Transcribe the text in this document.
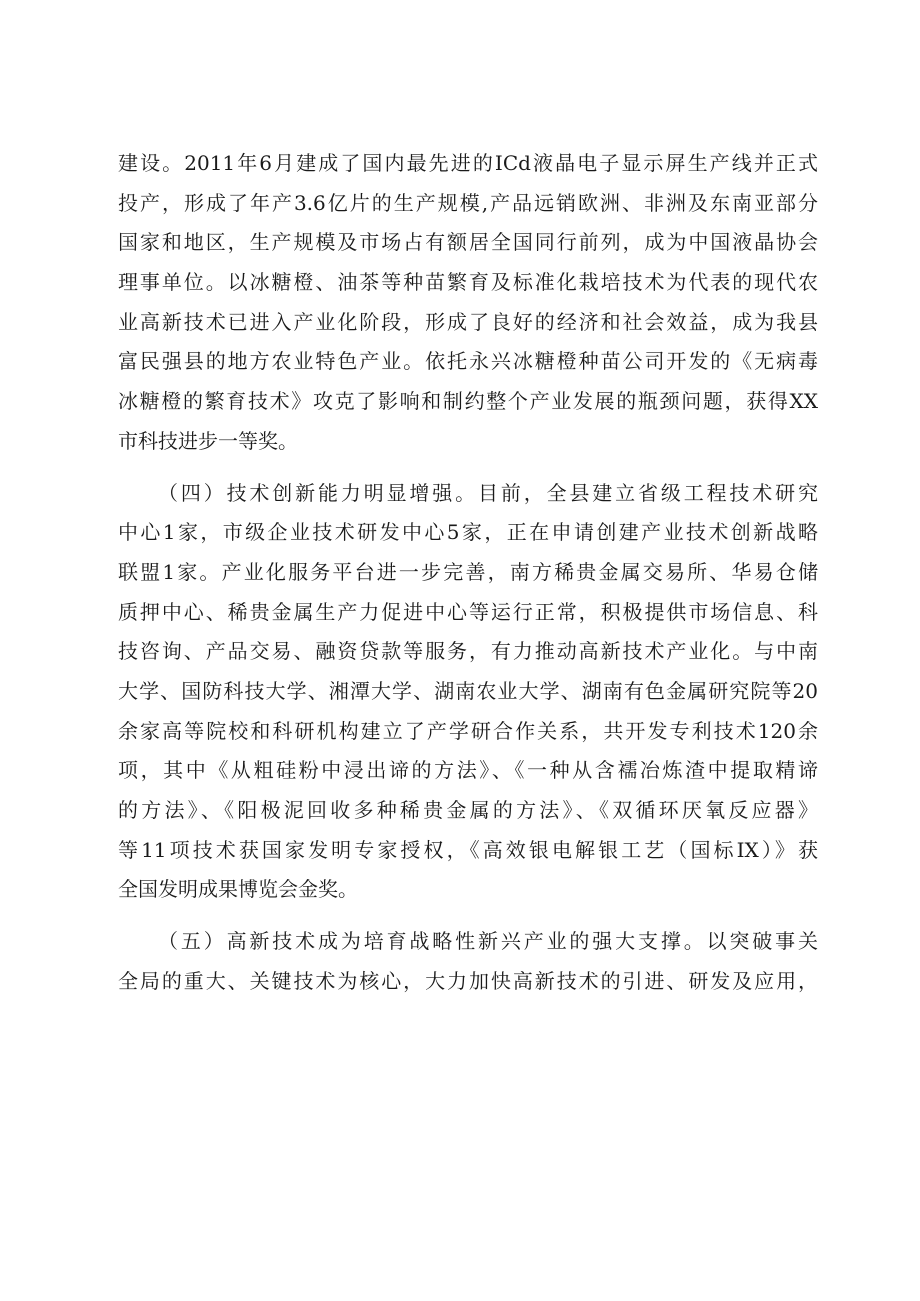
建设。2011年6月建成了国内最先进的ICd液晶电子显示屏生产线并正式
投产，形成了年产3.6亿片的生产规模,产品远销欧洲、非洲及东南亚部分
国家和地区，生产规模及市场占有额居全国同行前列，成为中国液晶协会
理事单位。以冰糖橙、油茶等种苗繁育及标准化栽培技术为代表的现代农
业高新技术已进入产业化阶段，形成了良好的经济和社会效益，成为我县
富民强县的地方农业特色产业。依托永兴冰糖橙种苗公司开发的《无病毒
冰糖橙的繁育技术》攻克了影响和制约整个产业发展的瓶颈问题，获得XX
市科技进步一等奖。
（四）技术创新能力明显增强。目前，全县建立省级工程技术研究
中心1家，市级企业技术研发中心5家，正在申请创建产业技术创新战略
联盟1家。产业化服务平台进一步完善，南方稀贵金属交易所、华易仓储
质押中心、稀贵金属生产力促进中心等运行正常，积极提供市场信息、科
技咨询、产品交易、融资贷款等服务，有力推动高新技术产业化。与中南
大学、国防科技大学、湘潭大学、湖南农业大学、湖南有色金属研究院等20
余家高等院校和科研机构建立了产学研合作关系，共开发专利技术120余
项，其中《从粗硅粉中浸出谛的方法》、《一种从含襦冶炼渣中提取精谛
的方法》、《阳极泥回收多种稀贵金属的方法》、《双循环厌氧反应器》
等11项技术获国家发明专家授权，《高效银电解银工艺（国标IX）》获
全国发明成果博览会金奖。
（五）高新技术成为培育战略性新兴产业的强大支撑。以突破事关
全局的重大、关键技术为核心，大力加快高新技术的引进、研发及应用，
